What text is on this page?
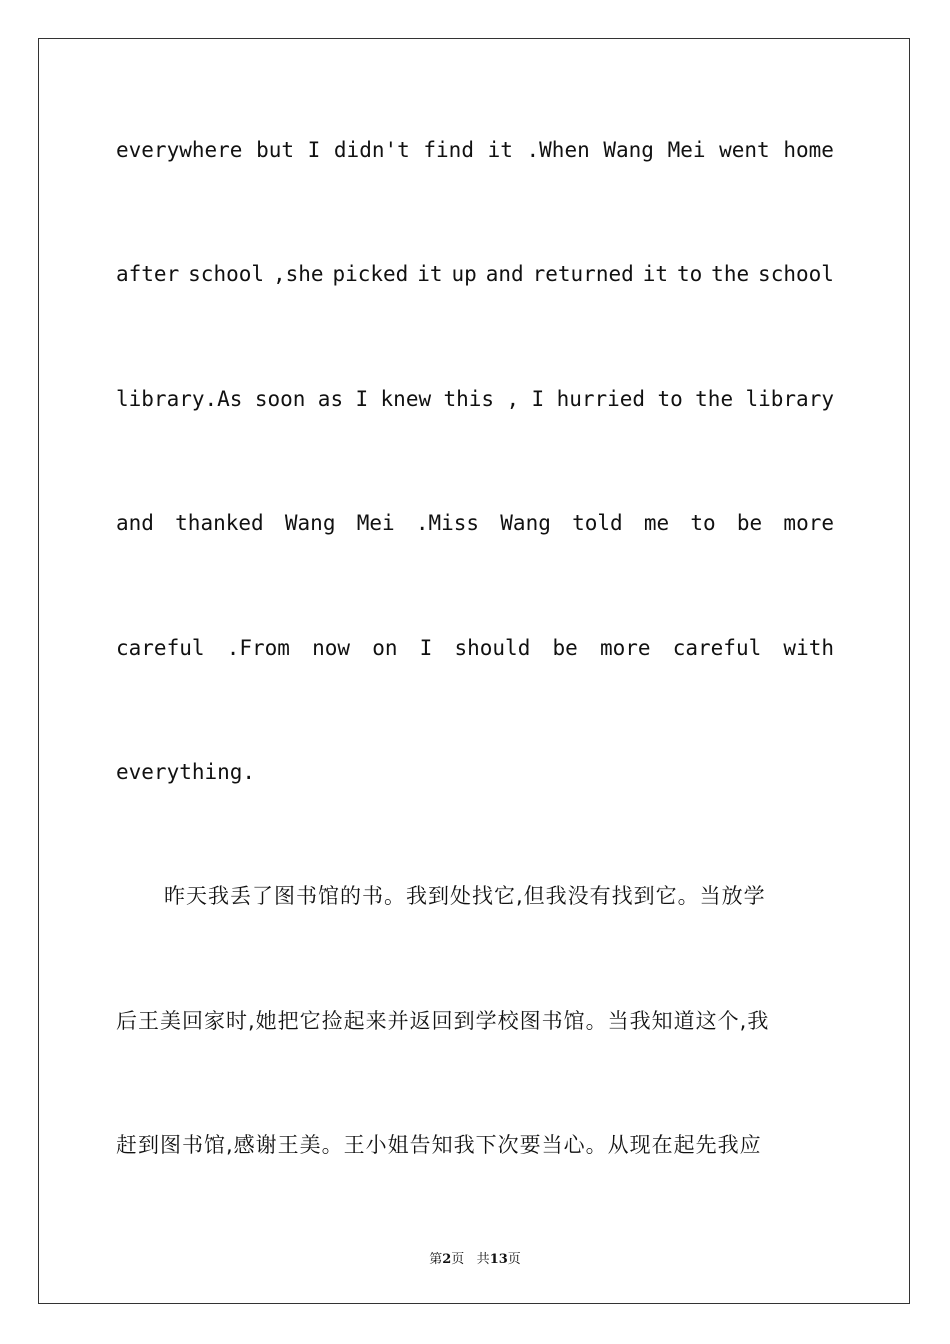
everywhere but I didn't find it .When Wang Mei went home
after school ,she picked it up and returned it to the school
library.As soon as I knew this , I hurried to the library
and thanked Wang Mei .Miss Wang told me to be more
careful .From now on I should be more careful with
everything.
昨天我丢了图书馆的书。我到处找它,但我没有找到它。当放学
后王美回家时,她把它捡起来并返回到学校图书馆。当我知道这个,我
赶到图书馆,感谢王美。王小姐告知我下次要当心。从现在起先我应
第2页 共13页
